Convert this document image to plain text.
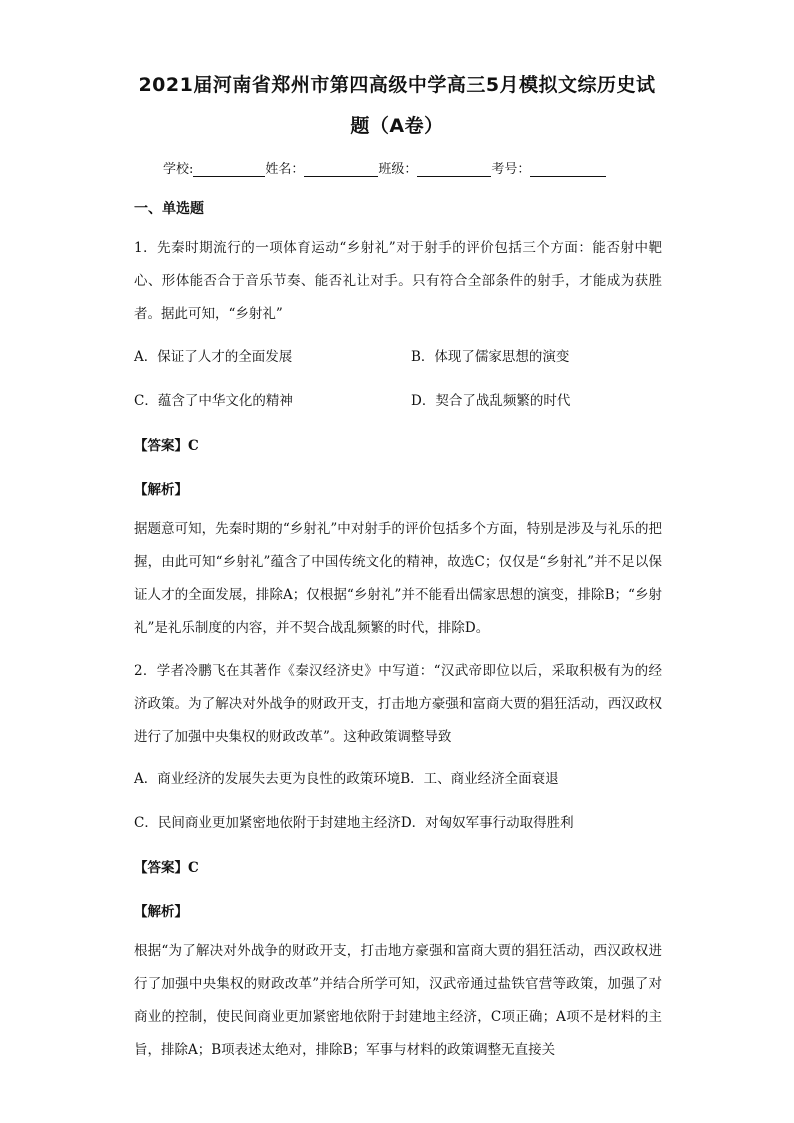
2021届河南省郑州市第四高级中学高三5月模拟文综历史试
题（A卷）
学校:	姓名：	班级：	考号：
一、单选题
1．先秦时期流行的一项体育运动“乡射礼”对于射手的评价包括三个方面：能否射中靶心、形体能否合于音乐节奏、能否礼让对手。只有符合全部条件的射手，才能成为获胜者。据此可知，“乡射礼”
A．保证了人才的全面发展	B．体现了儒家思想的演变
C．蕴含了中华文化的精神	D．契合了战乱频繁的时代
【答案】C
【解析】
据题意可知，先秦时期的“乡射礼”中对射手的评价包括多个方面，特别是涉及与礼乐的把握，由此可知“乡射礼”蕴含了中国传统文化的精神，故选C；仅仅是“乡射礼”并不足以保证人才的全面发展，排除A；仅根据“乡射礼”并不能看出儒家思想的演变，排除B；“乡射礼”是礼乐制度的内容，并不契合战乱频繁的时代，排除D。
2．学者冷鹏飞在其著作《秦汉经济史》中写道：“汉武帝即位以后，采取积极有为的经济政策。为了解决对外战争的财政开支，打击地方豪强和富商大贾的猖狂活动，西汉政权进行了加强中央集权的财政改革”。这种政策调整导致
A．商业经济的发展失去更为良性的政策环境B．工、商业经济全面衰退
C．民间商业更加紧密地依附于封建地主经济D．对匈奴军事行动取得胜利
【答案】C
【解析】
根据“为了解决对外战争的财政开支，打击地方豪强和富商大贾的猖狂活动，西汉政权进行了加强中央集权的财政改革”并结合所学可知，汉武帝通过盐铁官营等政策，加强了对商业的控制，使民间商业更加紧密地依附于封建地主经济，C项正确；A项不是材料的主旨，排除A；B项表述太绝对，排除B；军事与材料的政策调整无直接关
